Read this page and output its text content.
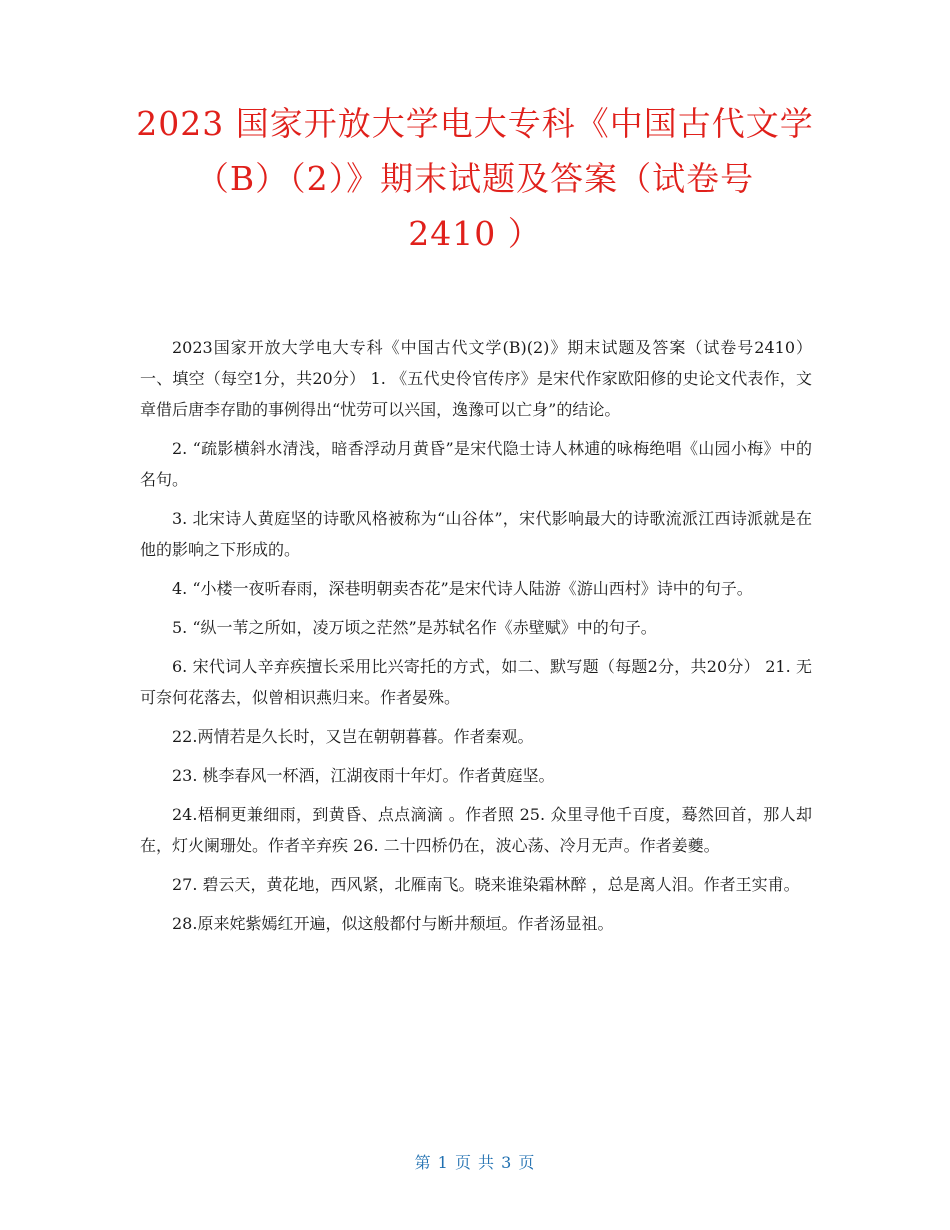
2023 国家开放大学电大专科《中国古代文学
（B）（2）》期末试题及答案（试卷号
2410 ）

2023国家开放大学电大专科《中国古代文学(B)(2)》期末试题及答案（试卷号2410） 一、填空（每空1分，共20分） 1. 《五代史伶官传序》是宋代作家欧阳修的史论文代表作，文章借后唐李存勖的事例得出“忧劳可以兴国，逸豫可以亡身”的结论。

2. “疏影横斜水清浅，暗香浮动月黄昏”是宋代隐士诗人林逋的咏梅绝唱《山园小梅》中的名句。

3. 北宋诗人黄庭坚的诗歌风格被称为“山谷体”，宋代影响最大的诗歌流派江西诗派就是在他的影响之下形成的。

4. “小楼一夜听春雨，深巷明朝卖杏花”是宋代诗人陆游《游山西村》诗中的句子。

5. “纵一苇之所如，凌万顷之茫然”是苏轼名作《赤壁赋》中的句子。

6. 宋代词人辛弃疾擅长采用比兴寄托的方式，如二、默写题（每题2分，共20分） 21. 无可奈何花落去，似曾相识燕归来。作者晏殊。

22.两情若是久长时，又岂在朝朝暮暮。作者秦观。

23. 桃李春风一杯酒，江湖夜雨十年灯。作者黄庭坚。

24.梧桐更兼细雨，到黄昏、点点滴滴 。作者照 25. 众里寻他千百度，蓦然回首，那人却在，灯火阑珊处。作者辛弃疾 26. 二十四桥仍在，波心荡、冷月无声。作者姜夔。

27. 碧云天，黄花地，西风紧，北雁南飞。晓来谁染霜林醉 ，总是离人泪。作者王实甫。

28.原来姹紫嫣红开遍，似这般都付与断井颓垣。作者汤显祖。

第 1 页 共 3 页
